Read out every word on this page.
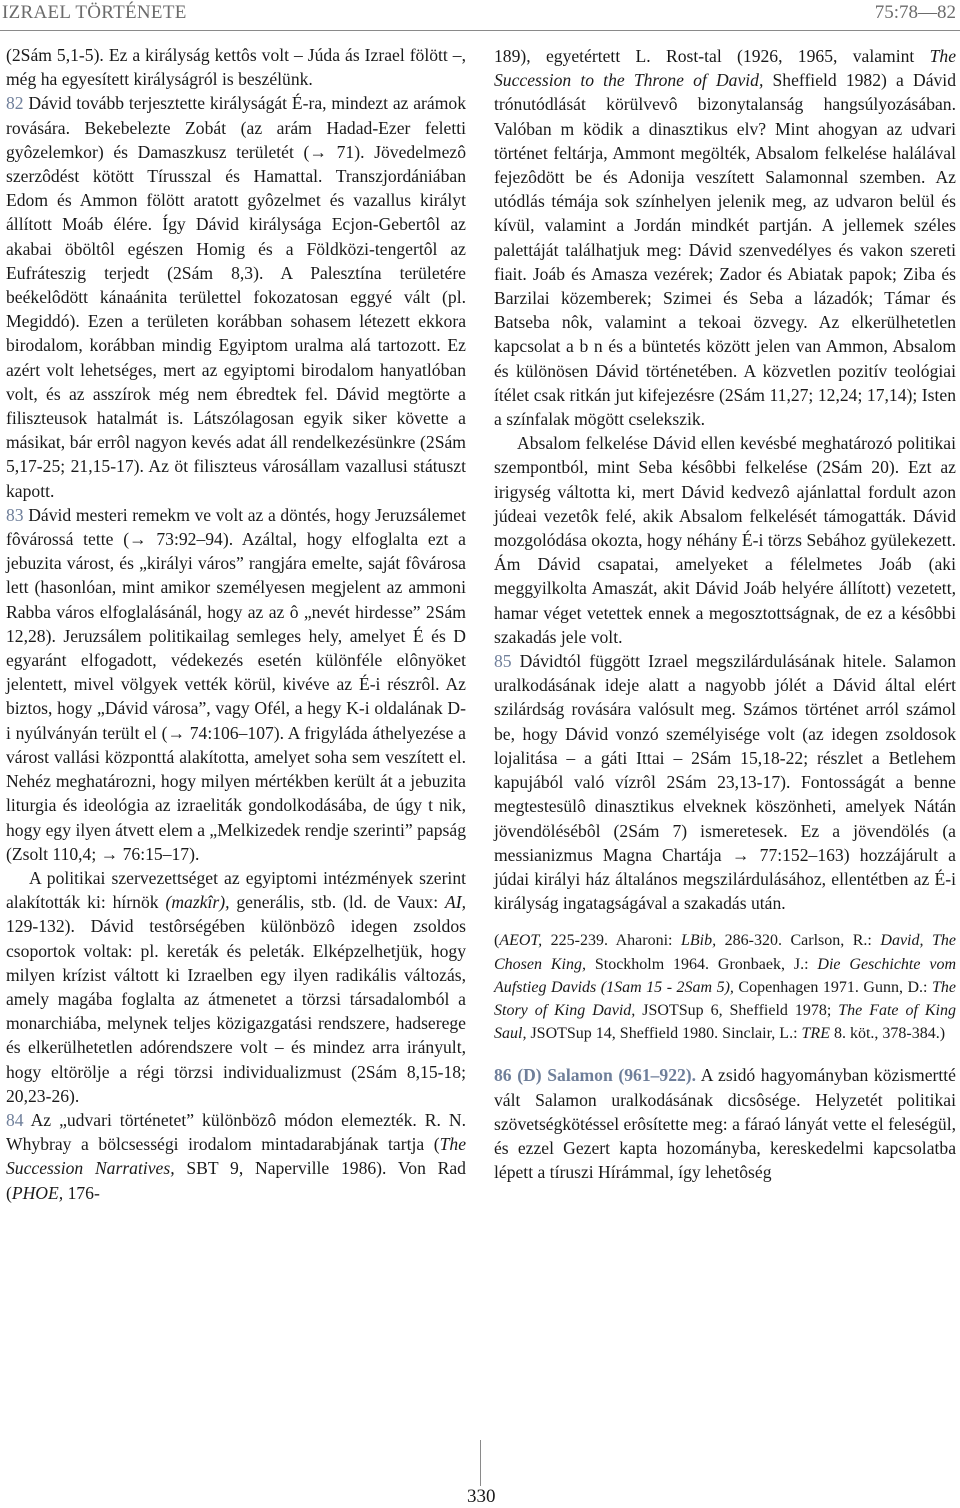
IZRAEL TÖRTÉNETE	75:78—82

(2Sám 5,1-5). Ez a királyság kettôs volt – Júda ás Izrael fölött –, még ha egyesített királyságról is beszélünk.

82 Dávid tovább terjesztette királyságát É-ra, mindezt az arámok rovására. Bekebelezte Zobát (az arám Hadad-Ezer feletti gyôzelemkor) és Damaszkusz területét (→ 71). Jövedelmezô szerzôdést kötött Tírusszal és Hamattal. Transzjordániában Edom és Ammon fölött aratott gyôzelmet és vazallus királyt állított Moáb élére. Így Dávid királysága Ecjon-Gebertôl az akabai öböltôl egészen Homig és a Földközi-tengertôl az Eufráteszig terjedt (2Sám 8,3). A Palesztína területére beékelôdött kánaánita területtel fokozatosan eggyé vált (pl. Megiddó). Ezen a területen korábban sohasem létezett ekkora birodalom, korábban mindig Egyiptom uralma alá tartozott. Ez azért volt lehetséges, mert az egyiptomi birodalom hanyatlóban volt, és az asszírok még nem ébredtek fel. Dávid megtörte a filiszteusok hatalmát is. Látszólagosan egyik siker követte a másikat, bár errôl nagyon kevés adat áll rendelkezésünkre (2Sám 5,17-25; 21,15-17). Az öt filiszteus városállam vazallusi státuszt kapott.

83 Dávid mesteri remekm ve volt az a döntés, hogy Jeruzsálemet fôvárossá tette (→ 73:92–94). Azáltal, hogy elfoglalta ezt a jebuzita várost, és „királyi város” rangjára emelte, saját fôvárosa lett (hasonlóan, mint amikor személyesen megjelent az ammoni Rabba város elfoglalásánál, hogy az az ô „nevét hirdesse” 2Sám 12,28). Jeruzsálem politikailag semleges hely, amelyet É és D egyaránt elfogadott, védekezés esetén különféle elônyöket jelentett, mivel völgyek vették körül, kivéve az É-i részrôl. Az biztos, hogy „Dávid városa”, vagy Ofél, a hegy K-i oldalának D-i nyúlványán terült el (→ 74:106–107). A frigyláda áthelyezése a várost vallási központtá alakította, amelyet soha sem veszített el. Nehéz meghatározni, hogy milyen mértékben került át a jebuzita liturgia és ideológia az izraeliták gondolkodásába, de úgy t nik, hogy egy ilyen átvett elem a „Melkizedek rendje szerinti” papság (Zsolt 110,4; → 76:15–17).

A politikai szervezettséget az egyiptomi intézmények szerint alakították ki: hírnök (mazkîr), generális, stb. (ld. de Vaux: AI, 129-132). Dávid testôrségében különbözô idegen zsoldos csoportok voltak: pl. kereták és peleták. Elképzelhetjük, hogy milyen krízist váltott ki Izraelben egy ilyen radikális változás, amely magába foglalta az átmenetet a törzsi társadalomból a monarchiába, melynek teljes közigazgatási rendszere, hadserege és elkerülhetetlen adórendszere volt – és mindez arra irányult, hogy eltörölje a régi törzsi individualizmust (2Sám 8,15-18; 20,23-26).

84 Az „udvari történetet” különbözô módon elemezték. R. N. Whybray a bölcsességi irodalom mintadarabjának tartja (The Succession Narratives, SBT 9, Naperville 1986). Von Rad (PHOE, 176-

189), egyetértett L. Rost-tal (1926, 1965, valamint The Succession to the Throne of David, Sheffield 1982) a Dávid trónutódlását körülvevô bizonytalanság hangsúlyozásában. Valóban m ködik a dinasztikus elv? Mint ahogyan az udvari történet feltárja, Ammont megölték, Absalom felkelése halálával fejezôdött be és Adonija veszített Salamonnal szemben. Az utódlás témája sok színhelyen jelenik meg, az udvaron belül és kívül, valamint a Jordán mindkét partján. A jellemek széles palettáját találhatjuk meg: Dávid szenvedélyes és vakon szereti fiait. Joáb és Amasza vezérek; Zador és Abiatak papok; Ziba és Barzilai közemberek; Szimei és Seba a lázadók; Támar és Batseba nôk, valamint a tekoai özvegy. Az elkerülhetetlen kapcsolat a b n és a büntetés között jelen van Ammon, Absalom és különösen Dávid történetében. A közvetlen pozitív teológiai ítélet csak ritkán jut kifejezésre (2Sám 11,27; 12,24; 17,14); Isten a színfalak mögött cselekszik.

Absalom felkelése Dávid ellen kevésbé meghatározó politikai szempontból, mint Seba késôbbi felkelése (2Sám 20). Ezt az irigység váltotta ki, mert Dávid kedvezô ajánlattal fordult azon júdeai vezetôk felé, akik Absalom felkelését támogatták. Dávid mozgolódása okozta, hogy néhány É-i törzs Sebához gyülekezett. Ám Dávid csapatai, amelyeket a félelmetes Joáb (aki meggyilkolta Amaszát, akit Dávid Joáb helyére állított) vezetett, hamar véget vetettek ennek a megosztottságnak, de ez a késôbbi szakadás jele volt.

85 Dávidtól függött Izrael megszilárdulásának hitele. Salamon uralkodásának ideje alatt a nagyobb jólét a Dávid által elért szilárdság rovására valósult meg. Számos történet arról számol be, hogy Dávid vonzó személyisége volt (az idegen zsoldosok lojalitása – a gáti Ittai – 2Sám 15,18-22; részlet a Betlehem kapujából való vízrôl 2Sám 23,13-17). Fontosságát a benne megtestesülô dinasztikus elveknek köszönheti, amelyek Nátán jövendölésébôl (2Sám 7) ismeretesek. Ez a jövendölés (a messianizmus Magna Chartája → 77:152–163) hozzájárult a júdai királyi ház általános megszilárdulásához, ellentétben az É-i királyság ingatagságával a szakadás után.

(AEOT, 225-239. Aharoni: LBib, 286-320. Carlson, R.: David, The Chosen King, Stockholm 1964. Gronbaek, J.: Die Geschichte vom Aufstieg Davids (1Sam 15 - 2Sam 5), Copenhagen 1971. Gunn, D.: The Story of King David, JSOTSup 6, Sheffield 1978; The Fate of King Saul, JSOTSup 14, Sheffield 1980. Sinclair, L.: TRE 8. köt., 378-384.)

86 (D) Salamon (961–922). A zsidó hagyományban közismertté vált Salamon uralkodásának dicsôsége. Helyzetét politikai szövetségkötéssel erôsítette meg: a fáraó lányát vette el feleségül, és ezzel Gezert kapta hozományba, kereskedelmi kapcsolatba lépett a tíruszi Hírámmal, így lehetôség

330
